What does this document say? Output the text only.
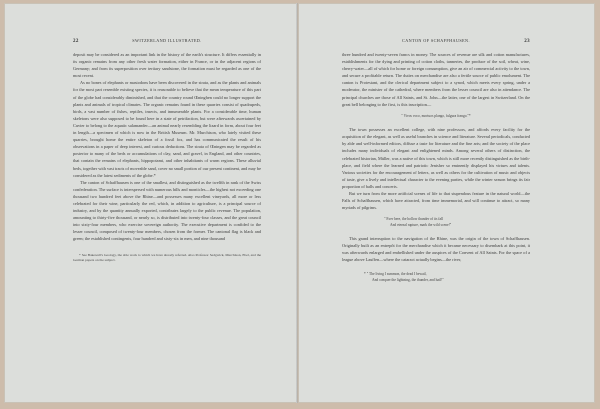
22	SWITZERLAND ILLUSTRATED.

deposit may be considered as an important link in the history of the earth's structure. It differs essentially in its organic remains from any other fresh water formation, either in France, or in the adjacent regions of Germany; and from its superposition over tertiary sandstone, the formation must be regarded as one of the most recent.

As no bones of elephants or mastodons have been discovered in the strata, and as the plants and animals for the most part resemble existing species, it is reasonable to believe that the mean temperature of this part of the globe had considerably diminished, and that the country round Œninghen could no longer support the plants and animals of tropical climates. The organic remains found in these quarries consist of quadrupeds, birds, a vast number of fishes, reptiles, insects, and innumerable plants. For a considerable time, human skeletons were also supposed to be found here in a state of petrifaction, but were afterwards ascertained by Cuvier to belong to the aquatic salamander—an animal nearly resembling the lizard in form, about four feet in length—a specimen of which is now in the British Museum. Mr. Murchison, who lately visited these quarries, brought home the entire skeleton of a fossil fox, and has communicated the result of his observations in a paper of deep interest, and curious deductions. The strata of Œningen may be regarded as posterior to many of the beds or accumulations of clay, sand, and gravel, in England, and other countries, that contain the remains of elephants, hippopotami, and other inhabitants of warm regions. These alluvial beds, together with vast tracts of moveable sand, cover no small portion of our present continent, and may be considered as the latest sediments of the globe.*

The canton of Schaffhausen is one of the smallest, and distinguished as the twelfth in rank of the Swiss confederation. The surface is interspersed with numerous hills and monticles—the highest not exceeding one thousand two hundred feet above the Rhine—and possesses many excellent vineyards, all more or less celebrated for their wine, particularly the red, which, in addition to agriculture, is a principal source of industry, and by the quantity annually exported, contributes largely to the public revenue. The population, amounting to thirty-five thousand, or nearly so, is distributed into twenty-four classes, and the great council into sixty-four members, who exercise sovereign authority. The executive department is confided to the lesser council, composed of twenty-four members, chosen from the former. The cantonal flag is black and green; the established contingents, four hundred and sixty-six in men, and nine thousand

* See Bakewell's Geology, the able work to which we have already referred. Also Professor Sedgwick, Murchison, Ebel, and the German papers on the subject.

CANTON OF SCHAFFHAUSEN.	23

three hundred and twenty-seven francs in money. The sources of revenue are silk and cotton manufactures, establishments for the dying and printing of cotton cloths, tanneries, the produce of the soil, wheat, wine, cherry-water—all of which for home or foreign consumption, give an air of commercial activity to the town, and secure a profitable return. The duties on merchandise are also a fertile source of public emolument. The canton is Protestant, and the clerical department subject to a synod, which meets every spring, under a moderator, the minister of the cathedral, where members from the lesser council are also in attendance. The principal churches are those of All Saints, and St. John—the latter, one of the largest in Switzerland. On the great bell belonging to the first, is this inscription—

" Vivos voco, mortuos plango, fulgura frango."*

The town possesses an excellent college, with nine professors, and affords every facility for the acquisition of the elegant, as well as useful branches in science and literature. Several periodicals, conducted by able and well-informed editors, diffuse a taste for literature and the fine arts; and the society of the place includes many individuals of elegant and enlightened minds. Among several others of distinction, the celebrated historian, Müller, was a native of this town, which is still more recently distinguished as the birth-place, and field where the learned and patriotic Jenisher so eminently displayed his virtues and talents. Various societies for the encouragement of letters, as well as others for the cultivation of music and objects of taste, give a lively and intellectual character to the evening parties, while the winter season brings its fair proportion of balls and concerts.

But we turn from the more artificial scenes of life to that stupendous feature in the natural world—the Falls of Schaffhausen, which have attracted, from time immemorial, and will continue to attract, so many myriads of pilgrims.

" Ever here, the hollow thunder of its fall
And eternal rapture, mark the wild scene!"

This grand interruption to the navigation of the Rhine, was the origin of the town of Schaffhausen. Originally built as an entrepôt for the merchandise which it became necessary to disembark at this point, it was afterwards enlarged and embellished under the auspices of the Convent of All Saints. For the space of a league above Lauffen—where the cataract actually begins—the river,

* " The living I summon, the dead I bewail,
And conquer the lightning, the thunder, and hail!"
